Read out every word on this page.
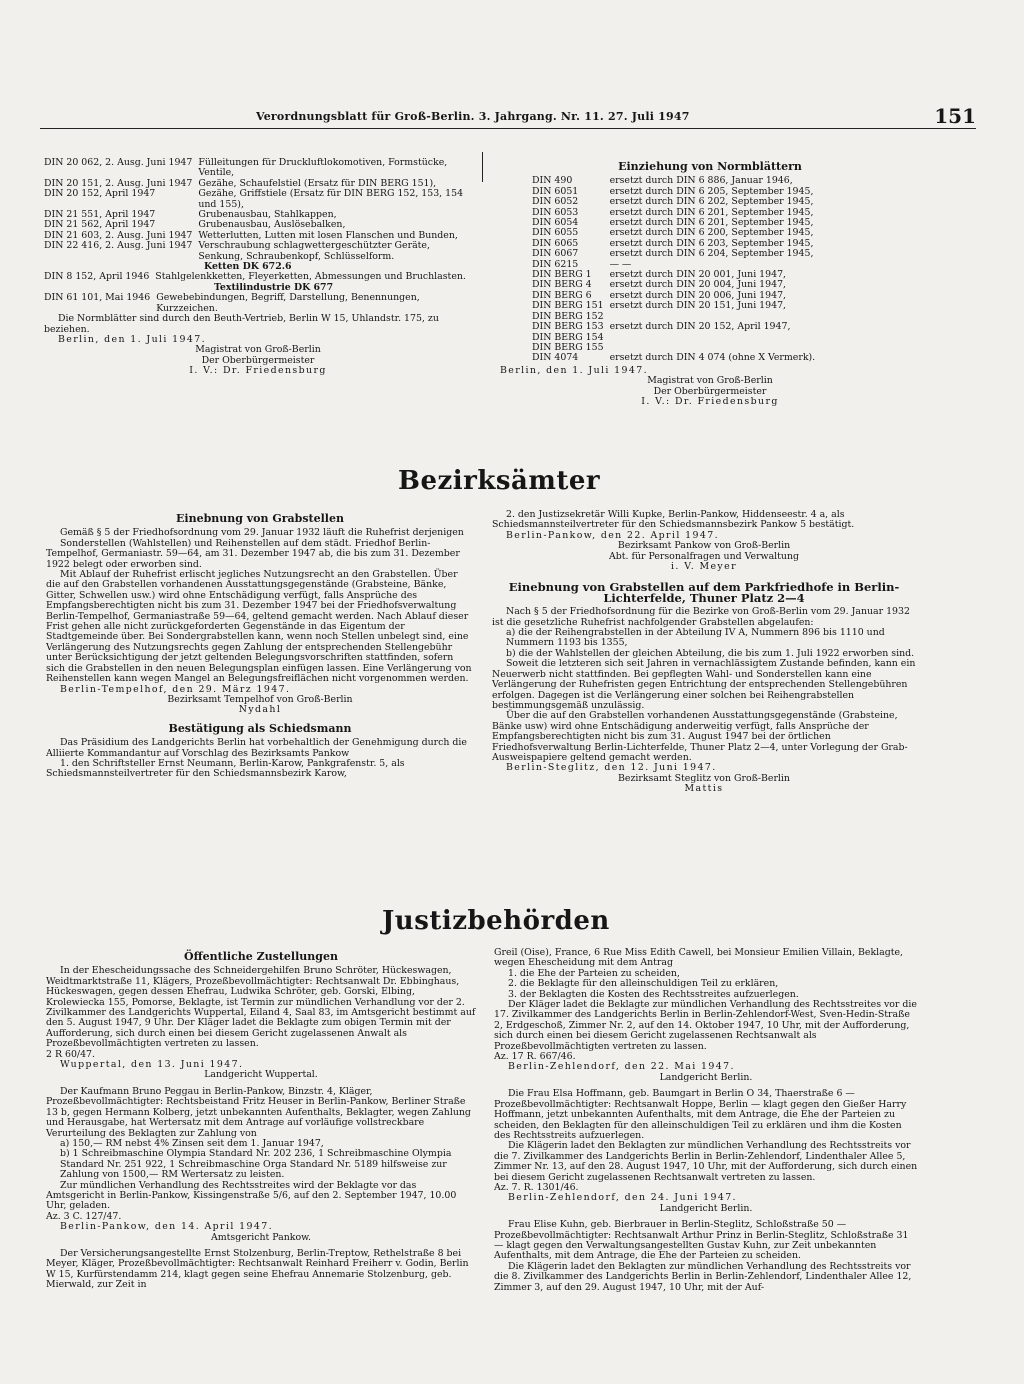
Verordnungsblatt für Groß-Berlin. 3. Jahrgang. Nr. 11. 27. Juli 1947	151
DIN 20 062, 2. Ausg. Juni 1947	Fülleitungen für Druckluftlokomotiven, Formstücke, Ventile,
DIN 20 151, 2. Ausg. Juni 1947	Gezähe, Schaufelstiel (Ersatz für DIN BERG 151),
DIN 20 152, April 1947	Gezähe, Griffstiele (Ersatz für DIN BERG 152, 153, 154 und 155),
DIN 21 551, April 1947	Grubenausbau, Stahlkappen,
DIN 21 562, April 1947	Grubenausbau, Auslösebalken,
DIN 21 603, 2. Ausg. Juni 1947	Wetterlutten, Lutten mit losen Flanschen und Bunden,
DIN 22 416, 2. Ausg. Juni 1947	Verschraubung schlagwettergeschützter Geräte, Senkung, Schraubenkopf, Schlüsselform.

Ketten DK 672.6

DIN 8 152, April 1946	Stahlgelenkketten, Fleyerketten, Abmessungen und Bruchlasten.

Textilindustrie DK 677

DIN 61 101, Mai 1946	Gewebebindungen, Begriff, Darstellung, Benennungen, Kurzzeichen.

Die Normblätter sind durch den Beuth-Vertrieb, Berlin W 15, Uhlandstr. 175, zu beziehen.

Berlin, den 1. Juli 1947.

Magistrat von Groß-Berlin

Der Oberbürgermeister

I. V.: Dr. Friedensburg

Einziehung von Normblättern
DIN 490	ersetzt durch DIN 6 886, Januar 1946,
DIN 6051	ersetzt durch DIN 6 205, September 1945,
DIN 6052	ersetzt durch DIN 6 202, September 1945,
DIN 6053	ersetzt durch DIN 6 201, September 1945,
DIN 6054	ersetzt durch DIN 6 201, September 1945,
DIN 6055	ersetzt durch DIN 6 200, September 1945,
DIN 6065	ersetzt durch DIN 6 203, September 1945,
DIN 6067	ersetzt durch DIN 6 204, September 1945,
DIN 6215	— —
DIN BERG 1	ersetzt durch DIN 20 001, Juni 1947,
DIN BERG 4	ersetzt durch DIN 20 004, Juni 1947,
DIN BERG 6	ersetzt durch DIN 20 006, Juni 1947,
DIN BERG 151	ersetzt durch DIN 20 151, Juni 1947,
DIN BERG 152	
DIN BERG 153	ersetzt durch DIN 20 152, April 1947,
DIN BERG 154	
DIN BERG 155	
DIN 4074	ersetzt durch DIN 4 074 (ohne X Vermerk).

Berlin, den 1. Juli 1947.

Magistrat von Groß-Berlin

Der Oberbürgermeister

I. V.: Dr. Friedensburg

Bezirksämter
Einebnung von Grabstellen

Gemäß § 5 der Friedhofsordnung vom 29. Januar 1932 läuft die Ruhefrist derjenigen

Sonderstellen (Wahlstellen) und Reihenstellen auf dem städt. Friedhof Berlin-Tempelhof, Germaniastr. 59—64, am 31. Dezember 1947 ab, die bis zum 31. Dezember 1922 belegt oder erworben sind.

Mit Ablauf der Ruhefrist erlischt jegliches Nutzungsrecht an den Grabstellen. Über die auf den Grabstellen vorhandenen Ausstattungsgegenstände (Grabsteine, Bänke, Gitter, Schwellen usw.) wird ohne Entschädigung verfügt, falls Ansprüche des Empfangsberechtigten nicht bis zum 31. Dezember 1947 bei der Friedhofsverwaltung Berlin-Tempelhof, Germaniastraße 59—64, geltend gemacht werden. Nach Ablauf dieser Frist gehen alle nicht zurückgeforderten Gegenstände in das Eigentum der Stadtgemeinde über. Bei Sondergrabstellen kann, wenn noch Stellen unbelegt sind, eine Verlängerung des Nutzungsrechts gegen Zahlung der entsprechenden Stellengebühr unter Berücksichtigung der jetzt geltenden Belegungsvorschriften stattfinden, sofern sich die Grabstellen in den neuen Belegungsplan einfügen lassen. Eine Verlängerung von Reihenstellen kann wegen Mangel an Belegungsfreiflächen nicht vorgenommen werden.

Berlin-Tempelhof, den 29. März 1947.

Bezirksamt Tempelhof von Groß-Berlin

Nydahl

Bestätigung als Schiedsmann

Das Präsidium des Landgerichts Berlin hat vorbehaltlich der Genehmigung durch die Alliierte Kommandantur auf Vorschlag des Bezirksamts Pankow

1. den Schriftsteller Ernst Neumann, Berlin-Karow, Pankgrafenstr. 5, als Schiedsmannsteilvertreter für den Schiedsmannsbezirk Karow,

2. den Justizsekretär Willi Kupke, Berlin-Pankow, Hiddenseestr. 4 a, als Schiedsmannsteilvertreter für den Schiedsmannsbezirk Pankow 5 bestätigt.

Berlin-Pankow, den 22. April 1947.

Bezirksamt Pankow von Groß-Berlin

Abt. für Personalfragen und Verwaltung

i. V. Meyer

Einebnung von Grabstellen auf dem Parkfriedhofe in Berlin-Lichterfelde, Thuner Platz 2—4

Nach § 5 der Friedhofsordnung für die Bezirke von Groß-Berlin vom 29. Januar 1932 ist die gesetzliche Ruhefrist nachfolgender Grabstellen abgelaufen:

a) die der Reihengrabstellen in der Abteilung IV A, Nummern 896 bis 1110 und Nummern 1193 bis 1355,

b) die der Wahlstellen der gleichen Abteilung, die bis zum 1. Juli 1922 erworben sind.

Soweit die letzteren sich seit Jahren in vernachlässigtem Zustande befinden, kann ein Neuerwerb nicht stattfinden. Bei gepflegten Wahl- und Sonderstellen kann eine Verlängerung der Ruhefristen gegen Entrichtung der entsprechenden Stellengebühren erfolgen. Dagegen ist die Verlängerung einer solchen bei Reihengrabstellen bestimmungsgemäß unzulässig.

Über die auf den Grabstellen vorhandenen Ausstattungsgegenstände (Grabsteine, Bänke usw) wird ohne Entschädigung anderweitig verfügt, falls Ansprüche der Empfangsberechtigten nicht bis zum 31. August 1947 bei der örtlichen Friedhofsverwaltung Berlin-Lichterfelde, Thuner Platz 2—4, unter Vorlegung der Grab-Ausweispapiere geltend gemacht werden.

Berlin-Steglitz, den 12. Juni 1947.

Bezirksamt Steglitz von Groß-Berlin

Mattis

Justizbehörden
Öffentliche Zustellungen

In der Ehescheidungssache des Schneidergehilfen Bruno Schröter, Hückeswagen, Weidtmarktstraße 11, Klägers, Prozeßbevollmächtigter: Rechtsanwalt Dr. Ebbinghaus, Hückeswagen, gegen dessen Ehefrau, Ludwika Schröter, geb. Gorski, Elbing, Krolewiecka 155, Pomorse, Beklagte, ist Termin zur mündlichen Verhandlung vor der 2. Zivilkammer des Landgerichts Wuppertal, Eiland 4, Saal 83, im Amtsgericht bestimmt auf den 5. August 1947, 9 Uhr. Der Kläger ladet die Beklagte zum obigen Termin mit der Aufforderung, sich durch einen bei diesem Gericht zugelassenen Anwalt als Prozeßbevollmächtigten vertreten zu lassen.

2 R 60/47.

Wuppertal, den 13. Juni 1947.

Landgericht Wuppertal.

Der Kaufmann Bruno Peggau in Berlin-Pankow, Binzstr. 4, Kläger, Prozeßbevollmächtigter: Rechtsbeistand Fritz Heuser in Berlin-Pankow, Berliner Straße 13 b, gegen Hermann Kolberg, jetzt unbekannten Aufenthalts, Beklagter, wegen Zahlung und Herausgabe, hat Wertersatz mit dem Antrage auf vorläufige vollstreckbare Verurteilung des Beklagten zur Zahlung von

a) 150,— RM nebst 4% Zinsen seit dem 1. Januar 1947,

b) 1 Schreibmaschine Olympia Standard Nr. 202 236, 1 Schreibmaschine Olympia Standard Nr. 251 922, 1 Schreibmaschine Orga Standard Nr. 5189 hilfsweise zur Zahlung von 1500,— RM Wertersatz zu leisten.

Zur mündlichen Verhandlung des Rechtsstreites wird der Beklagte vor das Amtsgericht in Berlin-Pankow, Kissingenstraße 5/6, auf den 2. September 1947, 10.00 Uhr, geladen.

Az. 3 C. 127/47.

Berlin-Pankow, den 14. April 1947.

Amtsgericht Pankow.

Der Versicherungsangestellte Ernst Stolzenburg, Berlin-Treptow, Rethelstraße 8 bei Meyer, Kläger, Prozeßbevollmächtigter: Rechtsanwalt Reinhard Freiherr v. Godin, Berlin W 15, Kurfürstendamm 214, klagt gegen seine Ehefrau Annemarie Stolzenburg, geb. Mierwald, zur Zeit in

Greil (Oise), France, 6 Rue Miss Edith Cawell, bei Monsieur Emilien Villain, Beklagte, wegen Ehescheidung mit dem Antrag

1. die Ehe der Parteien zu scheiden,

2. die Beklagte für den alleinschuldigen Teil zu erklären,

3. der Beklagten die Kosten des Rechtsstreites aufzuerlegen.

Der Kläger ladet die Beklagte zur mündlichen Verhandlung des Rechtsstreites vor die 17. Zivilkammer des Landgerichts Berlin in Berlin-Zehlendorf-West, Sven-Hedin-Straße 2, Erdgeschoß, Zimmer Nr. 2, auf den 14. Oktober 1947, 10 Uhr, mit der Aufforderung, sich durch einen bei diesem Gericht zugelassenen Rechtsanwalt als Prozeßbevollmächtigten vertreten zu lassen.

Az. 17 R. 667/46.

Berlin-Zehlendorf, den 22. Mai 1947.

Landgericht Berlin.

Die Frau Elsa Hoffmann, geb. Baumgart in Berlin O 34, Thaerstraße 6 — Prozeßbevollmächtigter: Rechtsanwalt Hoppe, Berlin — klagt gegen den Gießer Harry Hoffmann, jetzt unbekannten Aufenthalts, mit dem Antrage, die Ehe der Parteien zu scheiden, den Beklagten für den alleinschuldigen Teil zu erklären und ihm die Kosten des Rechtsstreits aufzuerlegen.

Die Klägerin ladet den Beklagten zur mündlichen Verhandlung des Rechtsstreits vor die 7. Zivilkammer des Landgerichts Berlin in Berlin-Zehlendorf, Lindenthaler Allee 5, Zimmer Nr. 13, auf den 28. August 1947, 10 Uhr, mit der Aufforderung, sich durch einen bei diesem Gericht zugelassenen Rechtsanwalt vertreten zu lassen.

Az. 7. R. 1301/46.

Berlin-Zehlendorf, den 24. Juni 1947.

Landgericht Berlin.

Frau Elise Kuhn, geb. Bierbrauer in Berlin-Steglitz, Schloßstraße 50 — Prozeßbevollmächtigter: Rechtsanwalt Arthur Prinz in Berlin-Steglitz, Schloßstraße 31 — klagt gegen den Verwaltungsangestellten Gustav Kuhn, zur Zeit unbekannten Aufenthalts, mit dem Antrage, die Ehe der Parteien zu scheiden.

Die Klägerin ladet den Beklagten zur mündlichen Verhandlung des Rechtsstreits vor die 8. Zivilkammer des Landgerichts Berlin in Berlin-Zehlendorf, Lindenthaler Allee 12, Zimmer 3, auf den 29. August 1947, 10 Uhr, mit der Auf-
